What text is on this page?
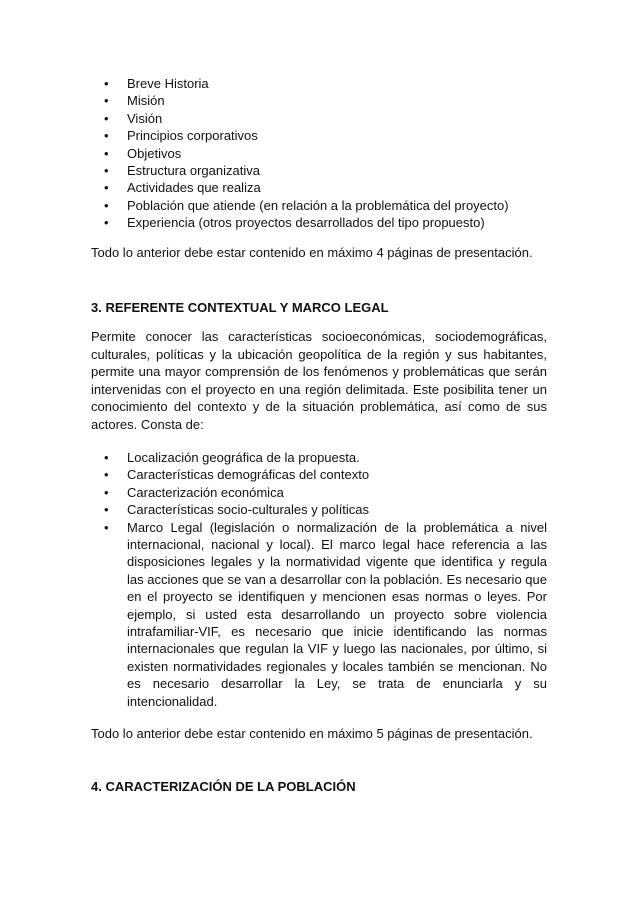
• Breve Historia
• Misión
• Visión
• Principios corporativos
• Objetivos
• Estructura organizativa
• Actividades que realiza
• Población que atiende (en relación a la problemática del proyecto)
• Experiencia (otros proyectos desarrollados del tipo propuesto)

Todo lo anterior debe estar contenido en máximo 4 páginas de presentación.

3. REFERENTE CONTEXTUAL Y MARCO LEGAL

Permite conocer las características socioeconómicas, sociodemográficas, culturales, políticas y la ubicación geopolítica de la región y sus habitantes, permite una mayor comprensión de los fenómenos y problemáticas que serán intervenidas con el proyecto en una región delimitada. Este posibilita tener un conocimiento del contexto y de la situación problemática, así como de sus actores. Consta de:

• Localización geográfica de la propuesta.
• Características demográficas del contexto
• Caracterización económica
• Características socio-culturales y políticas
• Marco Legal (legislación o normalización de la problemática a nivel internacional, nacional y local). El marco legal hace referencia a las disposiciones legales y la normatividad vigente que identifica y regula las acciones que se van a desarrollar con la población. Es necesario que en el proyecto se identifiquen y mencionen esas normas o leyes. Por ejemplo, si usted esta desarrollando un proyecto sobre violencia intrafamiliar-VIF, es necesario que inicie identificando las normas internacionales que regulan la VIF y luego las nacionales, por último, si existen normatividades regionales y locales también se mencionan. No es necesario desarrollar la Ley, se trata de enunciarla y su intencionalidad.

Todo lo anterior debe estar contenido en máximo 5 páginas de presentación.

4. CARACTERIZACIÓN DE LA POBLACIÓN
